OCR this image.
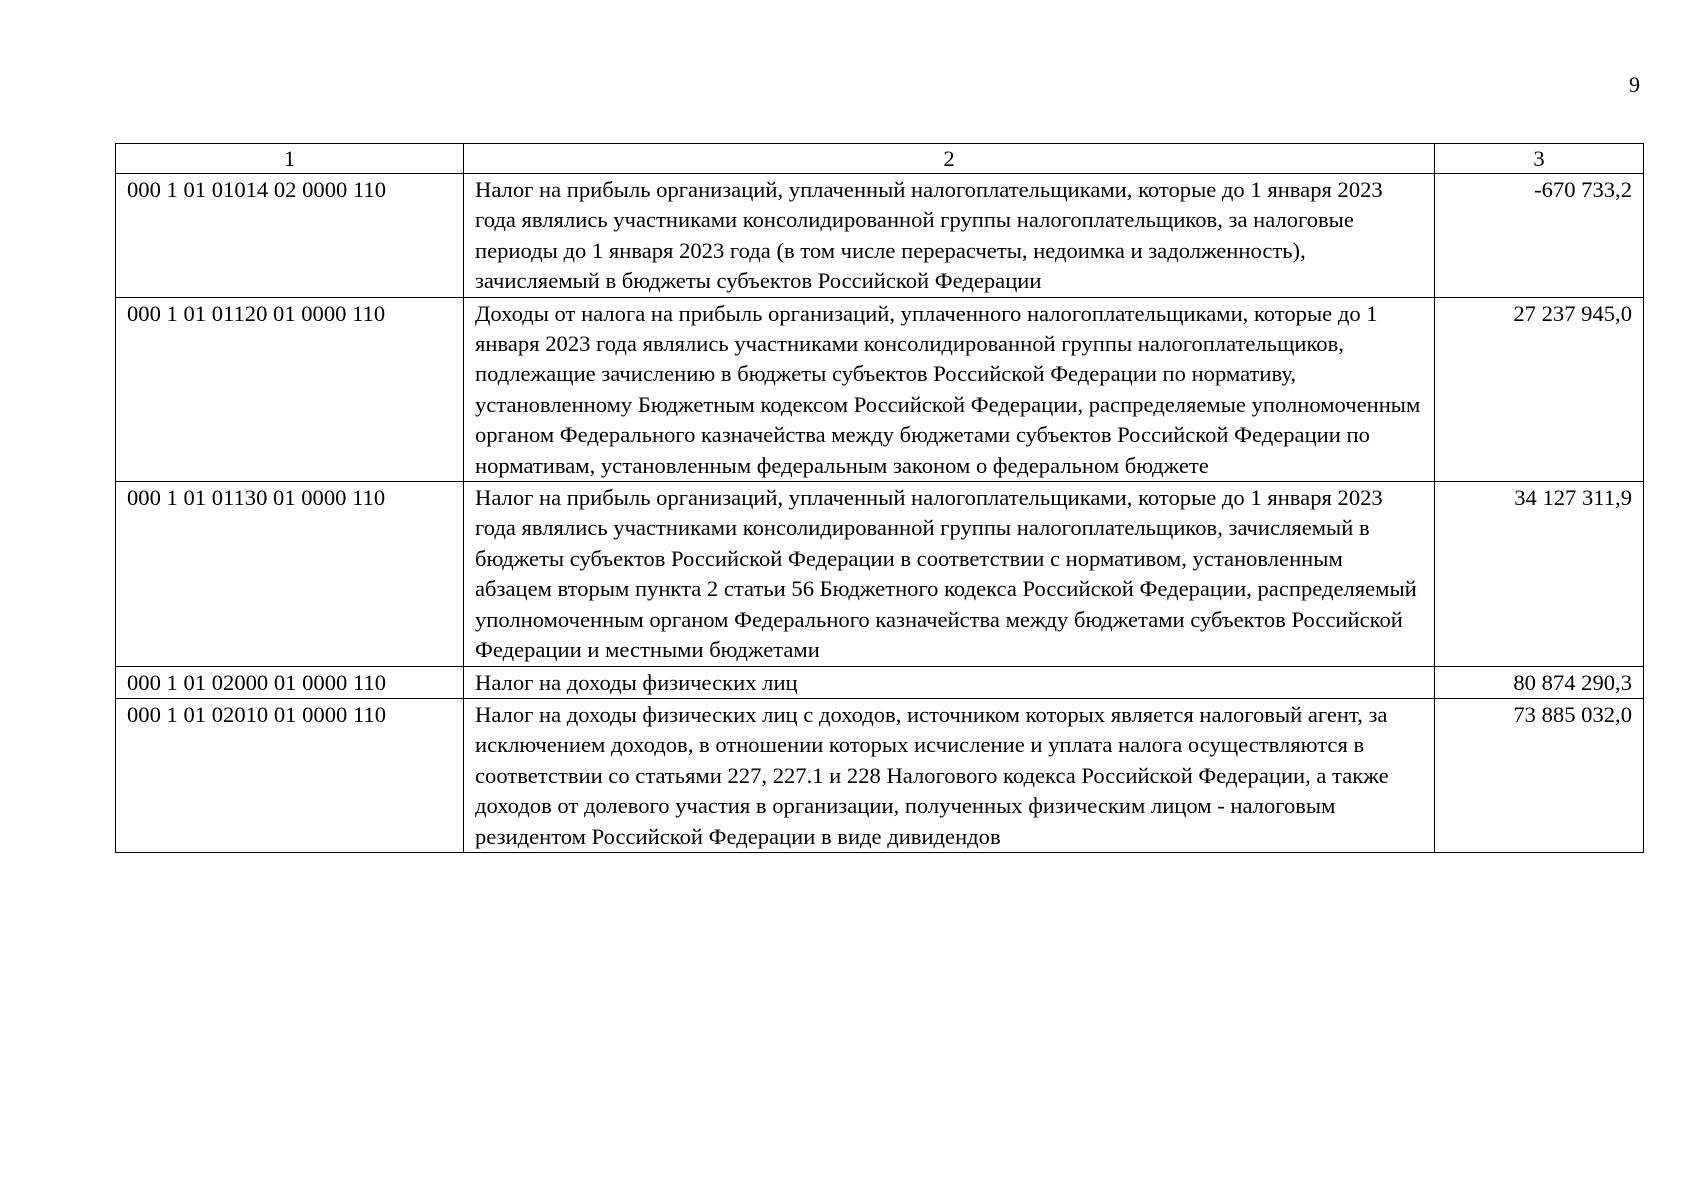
9
1	2	3
000 1 01 01014 02 0000 110	Налог на прибыль организаций, уплаченный налогоплательщиками, которые до 1 января 2023 года являлись участниками консолидированной группы налогоплательщиков, за налоговые периоды до 1 января 2023 года (в том числе перерасчеты, недоимка и задолженность), зачисляемый в бюджеты субъектов Российской Федерации	-670 733,2
000 1 01 01120 01 0000 110	Доходы от налога на прибыль организаций, уплаченного налогоплательщиками, которые до 1 января 2023 года являлись участниками консолидированной группы налогоплательщиков, подлежащие зачислению в бюджеты субъектов Российской Федерации по нормативу, установленному Бюджетным кодексом Российской Федерации, распределяемые уполномоченным органом Федерального казначейства между бюджетами субъектов Российской Федерации по нормативам, установленным федеральным законом о федеральном бюджете	27 237 945,0
000 1 01 01130 01 0000 110	Налог на прибыль организаций, уплаченный налогоплательщиками, которые до 1 января 2023 года являлись участниками консолидированной группы налогоплательщиков, зачисляемый в бюджеты субъектов Российской Федерации в соответствии с нормативом, установленным абзацем вторым пункта 2 статьи 56 Бюджетного кодекса Российской Федерации, распределяемый уполномоченным органом Федерального казначейства между бюджетами субъектов Российской Федерации и местными бюджетами	34 127 311,9
000 1 01 02000 01 0000 110	Налог на доходы физических лиц	80 874 290,3
000 1 01 02010 01 0000 110	Налог на доходы физических лиц с доходов, источником которых является налоговый агент, за исключением доходов, в отношении которых исчисление и уплата налога осуществляются в соответствии со статьями 227, 227.1 и 228 Налогового кодекса Российской Федерации, а также доходов от долевого участия в организации, полученных физическим лицом - налоговым резидентом Российской Федерации в виде дивидендов	73 885 032,0
